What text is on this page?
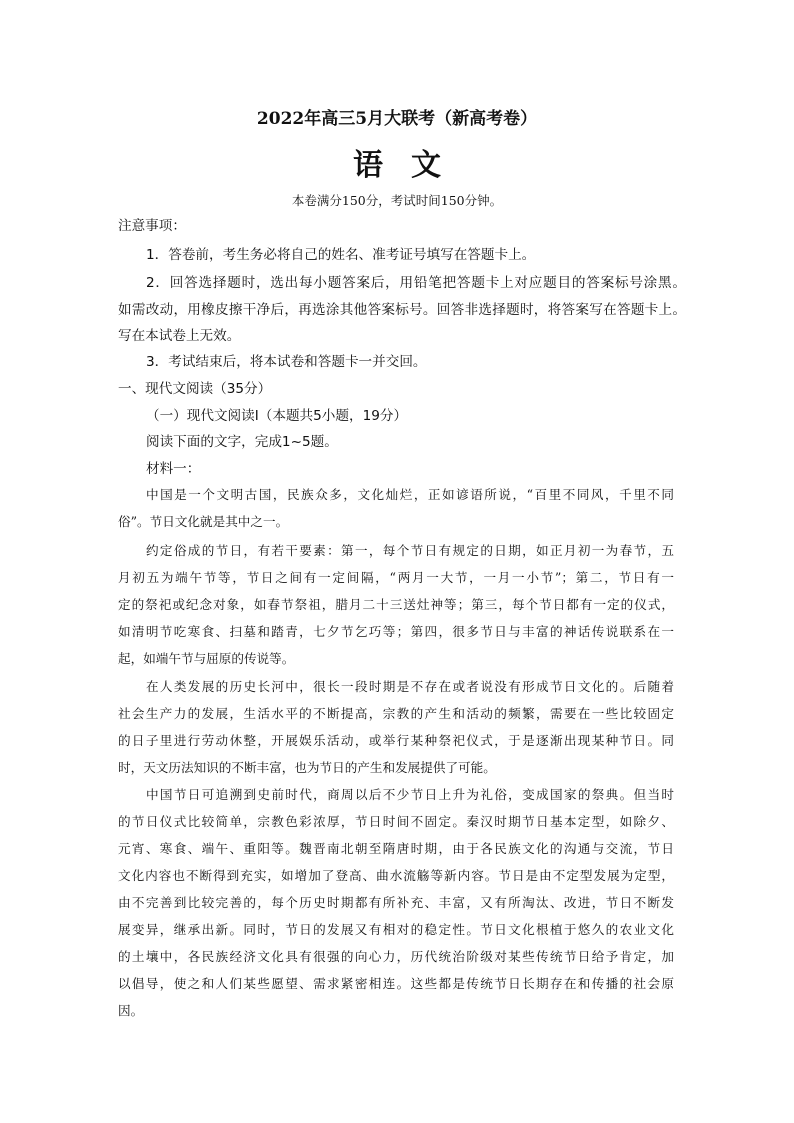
2022年高三5月大联考（新高考卷）
语文
本卷满分150分，考试时间150分钟。
注意事项：
1．答卷前，考生务必将自己的姓名、准考证号填写在答题卡上。
2．回答选择题时，选出每小题答案后，用铅笔把答题卡上对应题目的答案标号涂黑。
如需改动，用橡皮擦干净后，再选涂其他答案标号。回答非选择题时，将答案写在答题卡上。
写在本试卷上无效。
3．考试结束后，将本试卷和答题卡一并交回。
一、现代文阅读（35分）
（一）现代文阅读Ⅰ（本题共5小题，19分）
阅读下面的文字，完成1~5题。
材料一：
中国是一个文明古国，民族众多，文化灿烂，正如谚语所说，“百里不同风，千里不同
俗”。节日文化就是其中之一。
约定俗成的节日，有若干要素：第一，每个节日有规定的日期，如正月初一为春节，五
月初五为端午节等，节日之间有一定间隔，“两月一大节，一月一小节”；第二，节日有一
定的祭祀或纪念对象，如春节祭祖，腊月二十三送灶神等；第三，每个节日都有一定的仪式，
如清明节吃寒食、扫墓和踏青，七夕节乞巧等；第四，很多节日与丰富的神话传说联系在一
起，如端午节与屈原的传说等。
在人类发展的历史长河中，很长一段时期是不存在或者说没有形成节日文化的。后随着
社会生产力的发展，生活水平的不断提高，宗教的产生和活动的频繁，需要在一些比较固定
的日子里进行劳动休整，开展娱乐活动，或举行某种祭祀仪式，于是逐渐出现某种节日。同
时，天文历法知识的不断丰富，也为节日的产生和发展提供了可能。
中国节日可追溯到史前时代，商周以后不少节日上升为礼俗，变成国家的祭典。但当时
的节日仪式比较简单，宗教色彩浓厚，节日时间不固定。秦汉时期节日基本定型，如除夕、
元宵、寒食、端午、重阳等。魏晋南北朝至隋唐时期，由于各民族文化的沟通与交流，节日
文化内容也不断得到充实，如增加了登高、曲水流觞等新内容。节日是由不定型发展为定型，
由不完善到比较完善的，每个历史时期都有所补充、丰富，又有所淘汰、改进，节日不断发
展变异，继承出新。同时，节日的发展又有相对的稳定性。节日文化根植于悠久的农业文化
的土壤中，各民族经济文化具有很强的向心力，历代统治阶级对某些传统节日给予肯定，加
以倡导，使之和人们某些愿望、需求紧密相连。这些都是传统节日长期存在和传播的社会原
因。
